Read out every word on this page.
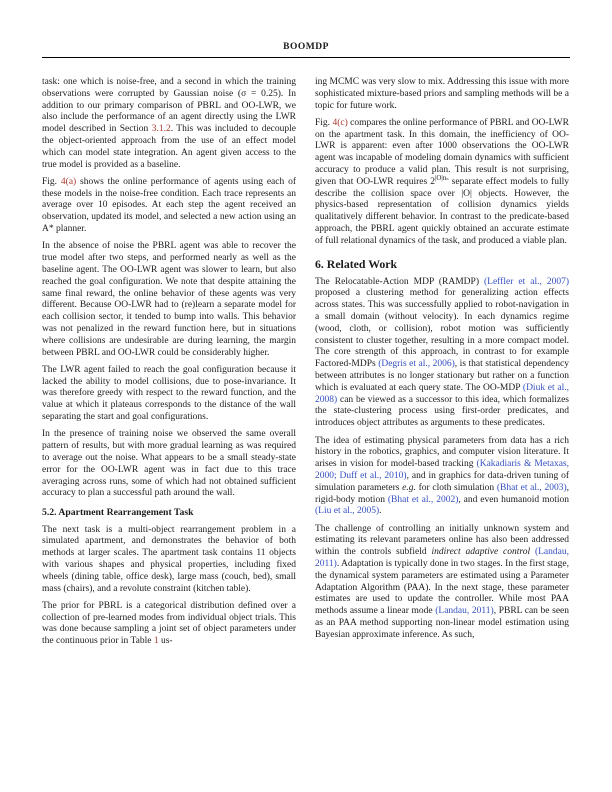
BOOMDP

task: one which is noise-free, and a second in which the training observations were corrupted by Gaussian noise (σ = 0.25). In addition to our primary comparison of PBRL and OO-LWR, we also include the performance of an agent directly using the LWR model described in Section 3.1.2. This was included to decouple the object-oriented approach from the use of an effect model which can model state integration. An agent given access to the true model is provided as a baseline.

Fig. 4(a) shows the online performance of agents using each of these models in the noise-free condition. Each trace represents an average over 10 episodes. At each step the agent received an observation, updated its model, and selected a new action using an A* planner.

In the absence of noise the PBRL agent was able to recover the true model after two steps, and performed nearly as well as the baseline agent. The OO-LWR agent was slower to learn, but also reached the goal configuration. We note that despite attaining the same final reward, the online behavior of these agents was very different. Because OO-LWR had to (re)learn a separate model for each collision sector, it tended to bump into walls. This behavior was not penalized in the reward function here, but in situations where collisions are undesirable are during learning, the margin between PBRL and OO-LWR could be considerably higher.

The LWR agent failed to reach the goal configuration because it lacked the ability to model collisions, due to pose-invariance. It was therefore greedy with respect to the reward function, and the value at which it plateaus corresponds to the distance of the wall separating the start and goal configurations.

In the presence of training noise we observed the same overall pattern of results, but with more gradual learning as was required to average out the noise. What appears to be a small steady-state error for the OO-LWR agent was in fact due to this trace averaging across runs, some of which had not obtained sufficient accuracy to plan a successful path around the wall.

5.2. Apartment Rearrangement Task

The next task is a multi-object rearrangement problem in a simulated apartment, and demonstrates the behavior of both methods at larger scales. The apartment task contains 11 objects with various shapes and physical properties, including fixed wheels (dining table, office desk), large mass (couch, bed), small mass (chairs), and a revolute constraint (kitchen table).

The prior for PBRL is a categorical distribution defined over a collection of pre-learned modes from individual object trials. This was done because sampling a joint set of object parameters under the continuous prior in Table 1 us-

ing MCMC was very slow to mix. Addressing this issue with more sophisticated mixture-based priors and sampling methods will be a topic for future work.

Fig. 4(c) compares the online performance of PBRL and OO-LWR on the apartment task. In this domain, the inefficiency of OO-LWR is apparent: even after 1000 observations the OO-LWR agent was incapable of modeling domain dynamics with sufficient accuracy to produce a valid plan. This result is not surprising, given that OO-LWR requires $2^{|O|n_s}$ separate effect models to fully describe the collision space over |O| objects. However, the physics-based representation of collision dynamics yields qualitatively different behavior. In contrast to the predicate-based approach, the PBRL agent quickly obtained an accurate estimate of full relational dynamics of the task, and produced a viable plan.

6. Related Work

The Relocatable-Action MDP (RAMDP) (Leffler et al., 2007) proposed a clustering method for generalizing action effects across states. This was successfully applied to robot-navigation in a small domain (without velocity). In each dynamics regime (wood, cloth, or collision), robot motion was sufficiently consistent to cluster together, resulting in a more compact model. The core strength of this approach, in contrast to for example Factored-MDPs (Degris et al., 2006), is that statistical dependency between attributes is no longer stationary but rather on a function which is evaluated at each query state. The OO-MDP (Diuk et al., 2008) can be viewed as a successor to this idea, which formalizes the state-clustering process using first-order predicates, and introduces object attributes as arguments to these predicates.

The idea of estimating physical parameters from data has a rich history in the robotics, graphics, and computer vision literature. It arises in vision for model-based tracking (Kakadiaris & Metaxas, 2000; Duff et al., 2010), and in graphics for data-driven tuning of simulation parameters e.g. for cloth simulation (Bhat et al., 2003), rigid-body motion (Bhat et al., 2002), and even humanoid motion (Liu et al., 2005).

The challenge of controlling an initially unknown system and estimating its relevant parameters online has also been addressed within the controls subfield indirect adaptive control (Landau, 2011). Adaptation is typically done in two stages. In the first stage, the dynamical system parameters are estimated using a Parameter Adaptation Algorithm (PAA). In the next stage, these parameter estimates are used to update the controller. While most PAA methods assume a linear mode (Landau, 2011), PBRL can be seen as an PAA method supporting non-linear model estimation using Bayesian approximate inference. As such,
